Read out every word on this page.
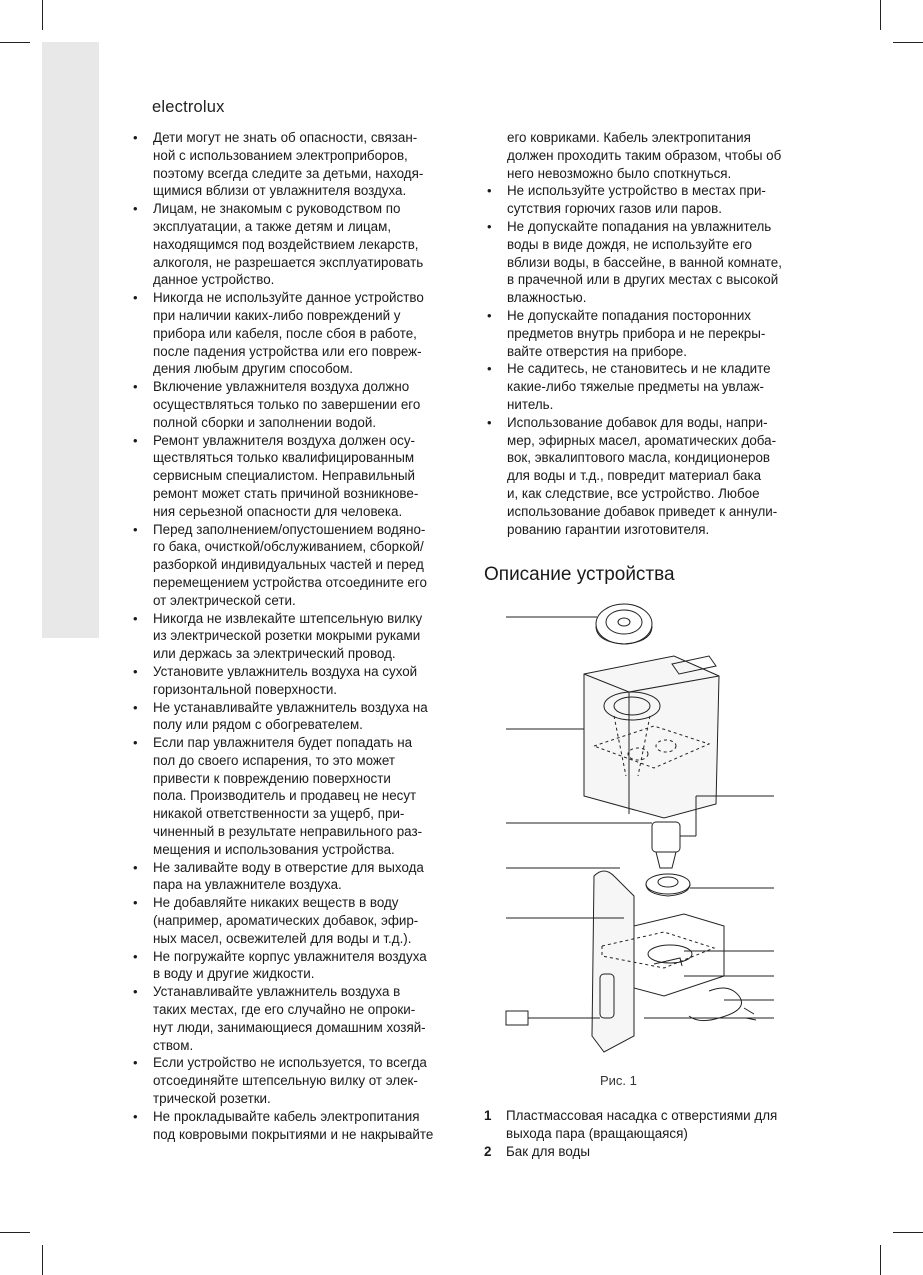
electrolux
• Дети могут не знать об опасности, связан-
ной с использованием электроприборов,
поэтому всегда следите за детьми, находя-
щимися вблизи от увлажнителя воздуха.
• Лицам, не знакомым с руководством по
эксплуатации, а также детям и лицам,
находящимся под воздействием лекарств,
алкоголя, не разрешается эксплуатировать
данное устройство.
• Никогда не используйте данное устройство
при наличии каких-либо повреждений у
прибора или кабеля, после сбоя в работе,
после падения устройства или его повреж-
дения любым другим способом.
• Включение увлажнителя воздуха должно
осуществляться только по завершении его
полной сборки и заполнении водой.
• Ремонт увлажнителя воздуха должен осу-
ществляться только квалифицированным
сервисным специалистом. Неправильный
ремонт может стать причиной возникнове-
ния серьезной опасности для человека.
• Перед заполнением/опустошением водяно-
го бака, очисткой/обслуживанием, сборкой/
разборкой индивидуальных частей и перед
перемещением устройства отсоедините его
от электрической сети.
• Никогда не извлекайте штепсельную вилку
из электрической розетки мокрыми руками
или держась за электрический провод.
• Установите увлажнитель воздуха на сухой
горизонтальной поверхности.
• Не устанавливайте увлажнитель воздуха на
полу или рядом с обогревателем.
• Если пар увлажнителя будет попадать на
пол до своего испарения, то это может
привести к повреждению поверхности
пола. Производитель и продавец не несут
никакой ответственности за ущерб, при-
чиненный в результате неправильного раз-
мещения и использования устройства.
• Не заливайте воду в отверстие для выхода
пара на увлажнителе воздуха.
• Не добавляйте никаких веществ в воду
(например, ароматических добавок, эфир-
ных масел, освежителей для воды и т.д.).
• Не погружайте корпус увлажнителя воздуха
в воду и другие жидкости.
• Устанавливайте увлажнитель воздуха в
таких местах, где его случайно не опроки-
нут люди, занимающиеся домашним хозяй-
ством.
• Если устройство не используется, то всегда
отсоединяйте штепсельную вилку от элек-
трической розетки.
• Не прокладывайте кабель электропитания
под ковровыми покрытиями и не накрывайте
его ковриками. Кабель электропитания
должен проходить таким образом, чтобы об
него невозможно было споткнуться.
• Не используйте устройство в местах при-
сутствия горючих газов или паров.
• Не допускайте попадания на увлажнитель
воды в виде дождя, не используйте его
вблизи воды, в бассейне, в ванной комнате,
в прачечной или в других местах с высокой
влажностью.
• Не допускайте попадания посторонних
предметов внутрь прибора и не перекры-
вайте отверстия на приборе.
• Не садитесь, не становитесь и не кладите
какие-либо тяжелые предметы на увлаж-
нитель.
• Использование добавок для воды, напри-
мер, эфирных масел, ароматических доба-
вок, эвкалиптового масла, кондиционеров
для воды и т.д., повредит материал бака
и, как следствие, все устройство. Любое
использование добавок приведет к аннули-
рованию гарантии изготовителя.
Описание устройства
Рис. 1
1 Пластмассовая насадка с отверстиями для
выхода пара (вращающаяся)
2 Бак для воды
